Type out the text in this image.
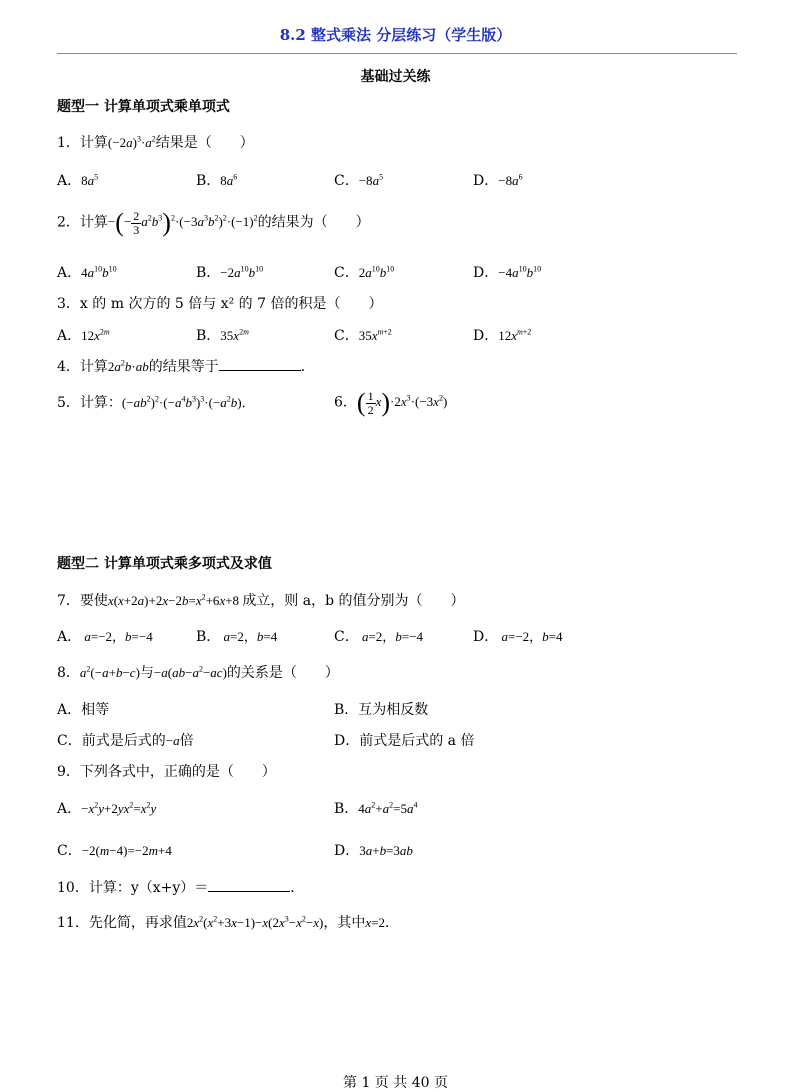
8.2 整式乘法 分层练习（学生版）
基础过关练
题型一 计算单项式乘单项式
1．计算$(-2a)^3\cdot a^2$结果是（　　）
A．$8a^5$	B．$8a^6$	C．$-8a^5$	D．$-8a^6$
2．计算−(− $\frac{2}{3} a^2b^3)^2\cdot(-3a^3b^2)^2\cdot(-1)^2$的结果为（　　）
A．$4a^{10}b^{10}$	B．$-2a^{10}b^{10}$	C．$2a^{10}b^{10}$	D．$-4a^{10}b^{10}$
3．x 的 m 次方的 5 倍与 x² 的 7 倍的积是（　　）
A．$12x^{2m}$	B．$35x^{2m}$	C．$35x^{m+2}$	D．$12x^{m+2}$
4．计算$2a^2b\cdot ab$的结果等于	．
5．计算：$(-ab^2)^2\cdot(-a^4b^3)^3\cdot(-a^2b)$．	6．( $\frac{1}{2} x)\cdot 2x^3\cdot(-3x^2)$
题型二 计算单项式乘多项式及求值
7．要使$x(x+2a)+2x-2b=x^2+6x+8$ 成立，则 a，b 的值分别为（　　）
A． a=−2，b=−4	B． a=2，b=4	C． a=2，b=−4	D． a=−2，b=4
8．$a^2(-a+b-c)$与$-a(ab-a^2-ac)$的关系是（　　）
A．相等	B．互为相反数
C．前式是后式的−a倍	D．前式是后式的 a 倍
9．下列各式中，正确的是（　　）
A．$-x^2y+2yx^2=x^2y$	B．$4a^2+a^2=5a^4$
C．−2(m−4)=−2m+4	D．3a+b=3ab
10．计算：y（x+y）＝	．
11．先化简，再求值$2x^2(x^2+3x-1)-x(2x^3-x^2-x)$，其中x=2．
第 1 页 共 40 页
